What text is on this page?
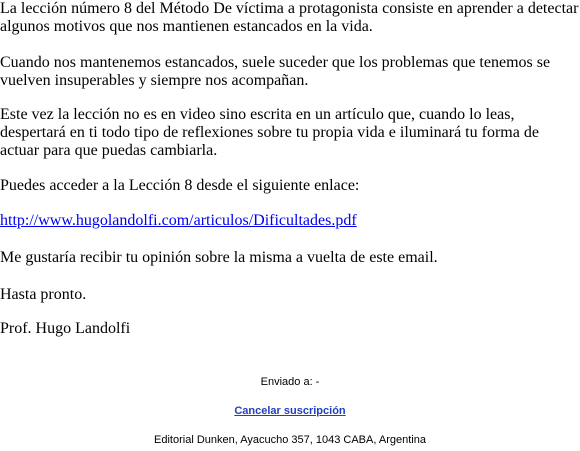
La lección número 8 del Método De víctima a protagonista consiste en aprender a detectar algunos motivos que nos mantienen estancados en la vida.

Cuando nos mantenemos estancados, suele suceder que los problemas que tenemos se vuelven insuperables y siempre nos acompañan.

Este vez la lección no es en video sino escrita en un artículo que, cuando lo leas, despertará en ti todo tipo de reflexiones sobre tu propia vida e iluminará tu forma de actuar para que puedas cambiarla.

Puedes acceder a la Lección 8 desde el siguiente enlace:

http://www.hugolandolfi.com/articulos/Dificultades.pdf

Me gustaría recibir tu opinión sobre la misma a vuelta de este email.

Hasta pronto.

Prof. Hugo Landolfi

Enviado a: -
Cancelar suscripción
Editorial Dunken, Ayacucho 357, 1043 CABA, Argentina
